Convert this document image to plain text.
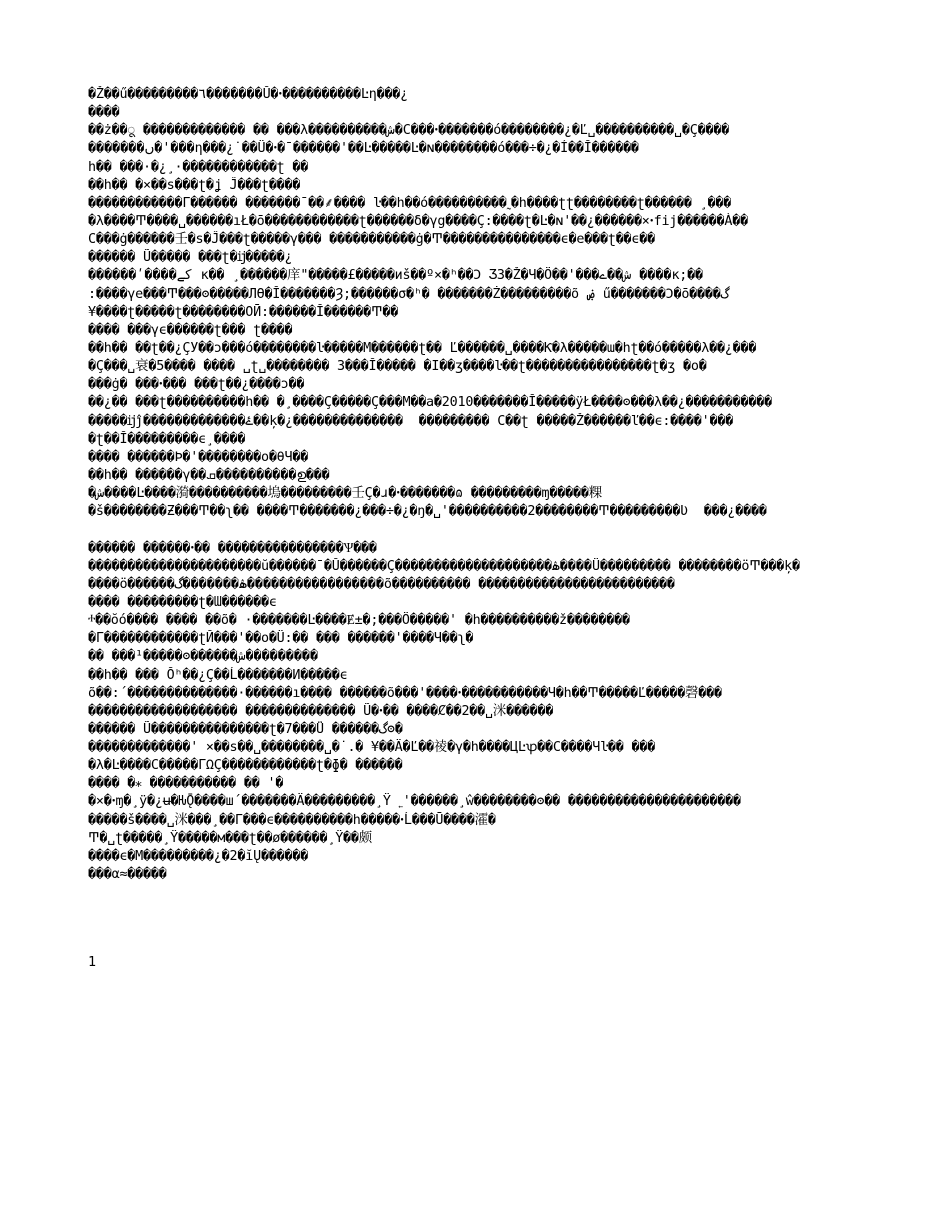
�Ž��ű���������٦�������Ŭ�ꞏ����������Ŀη���¿
����
��ż��ू ������������� �� ���λ����������ش�C���ꞏ�������ó��������¿�Ľ␣����������␣�Ç����
�������ں�'���η���¿˙��Ü�ꞏ�ˉ������'��Ŀ�����Ŀ�ɴ��������ó���÷�¿�Í��Ĭ������
h�� ���·�¿¸·������������ʈ ��
��h�� �×��s���ʈ�ʝ Ĵ���ʈ����
������������Г������ �������¯��⸙���� ŀ��h��ó����������˷�h����ʈʈ��������ʈ������ ¸���
�λ����Ͳ����␣������ıŁ�ō������������ʈ������δ�γg����Ç꞉����ʈ�Ŀ�ɴ'��¿������×ꞏfij������À��
C���ġ������壬�s�Ĵ���ʈ�����γ��� �����������ġ�Ͳ���������������ϵ�e���ʈ��ϵ��
������ Ũ����� ���ʈ�ĳ�����¿
������ʹ����کے ĸ�� ¸������庠"�����£�����иš��º×�ʰ��Ͻ Ӡ3�Ž�Ч�Ӧ��'���ش��ے ����к;��
꞉����γe���Ͳ���ʘ�����ЛӨ�Ĭ�������Ȝ;������σ�ʰ� �������Ż���������õ ۻ ű�������Ͻ�ō����گ
¥����ʈ�����ʈ��������ОӢ꞉������Ĭ������Ͳ��
���� ���γϵ������ʈ��� ʈ����
��h�� ��ʈ��¿ÇУ��ɔ���ó��������ŀ�����М������ʈ�� Ľ������␣����Ƙ�λ�����ɯ�hʈ��ó�����λ��¿���
�Ç���␣衰�5���� ���� ␣ʈ␣�������� 3���Ĭ����� �Ӏ��ʒ����ŀ��ʈ����������������ʈ�ʒ �о�
���ġ� ���ꞏ��� ���ʈ��¿����ɔ��
��¿�� ���ʈ����������h�� �¸����Ç�����Ç���М��a�2010�������Ĭ�����ÿŁ����ʘ���λ��¿�����������
�����ĳĵ�������������ۓ��ķ�¿��������������  ��������� C��ʈ �����Ž������ľ��ϵ꞉����'���
�ʈ��Ĭ���������ϵ¸����
���� ������Ϸ�'��������o�θЧ��
��h�� ������γ��ܩ����������ഉ���
�ش����Ŀ����漪����������塢���������壬Ç�ɹ�ꞏ�������ɷ ���������ɱ�����粿
�š��������Ƶ���Ͳ��ʅ�� ����Ͳ�������¿���÷�¿�ŋ�␣'����������2��������Ͳ���������Ʋ  ���¿����
������ ������ꞏ�� ����������������Ѱ���
����������������������ŭ������ˉ�Ŭ������Ç��������������������ۿ����Ü��������� ��������ӧͲ���ķ�
����ӧ������ۿ�������گ�����������������õ���������� �������������������������
���� ���������ʈ�Ɯ������ϵ
ⰰ��ŏó���� ���� ��õ� ·�������Ŀ����Ɇ±�;���Ö�����' �h����������ž��������
�Г������������ʈЙ���'��о�Ü꞉�� ��� ������'����Ч��ʅ�
�� ���¹�����ʘ������ش���������
��h�� ��� Ŏʰ��¿Ç��Ĺ�������И�����ϵ
õ��꞉´��������������·������ı���� ������õ���'����ꞏ�����������Ч�h��Ͳ�����Ľ�����磬���
������������������� �������������� Ũ�ꞏ�� ����Ȼ��2��␣洣������
������ Ũ���������������ʈ�7���Ǜ ������گʘ�
�������������' ×��s��␣��������␣�˙.� ¥��Ӓ�Ľ��祾�γ�h����ЦĿꝕ��C����Чŀ�� ���
�λ�Ŀ����C�����ГΩÇ������������ʈ�ɸ� ������
���� �⁎ ����������� �� '�
�×�ꞏɱ�¸ÿ�¿ʉ�ǶǬ����ш´�������Ӓ���������¸Ÿ ˿'������¸ŵ��������ʘ�� ����������������������
�����š����␣洣���¸��Г���ϵ����������h�����ꞏĹ���Ū����瀖�
Ͳ�␣ʈ�����¸Ÿ�����м���ʈ��ø������¸Ÿ��颇
����ϵ�М���������¿�2�ĭŲ������
���α≈�����
1
